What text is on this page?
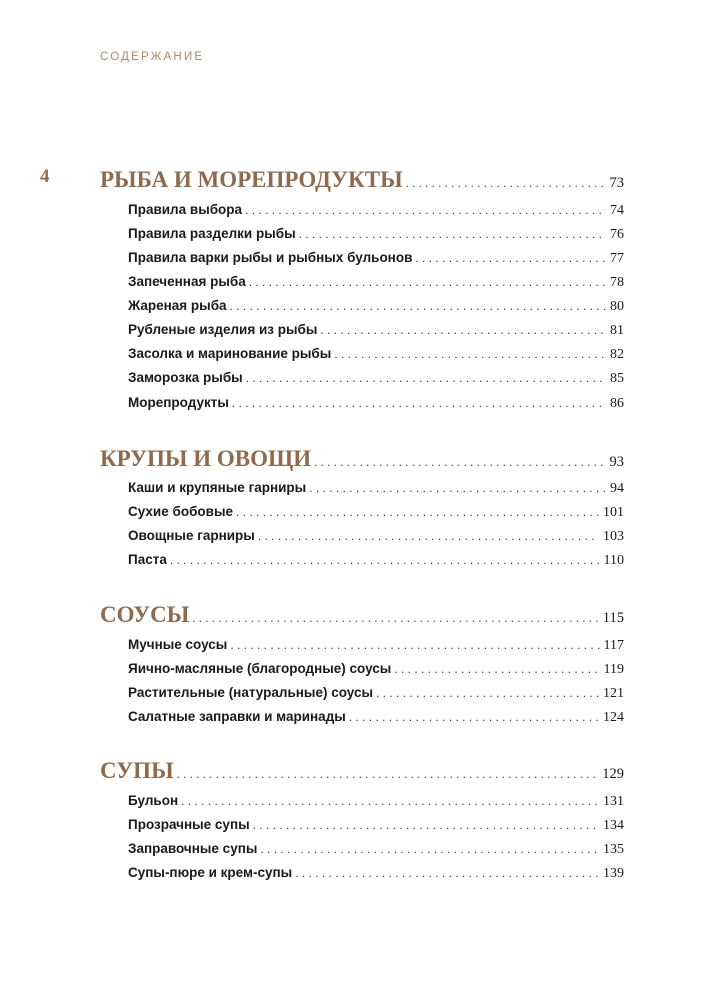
СОДЕРЖАНИЕ
4 РЫБА И МОРЕПРОДУКТЫ . . .	73
Правила выбора . . .	74
Правила разделки рыбы . . .	76
Правила варки рыбы и рыбных бульонов . . .	77
Запеченная рыба . . .	78
Жареная рыба . . .	80
Рубленые изделия из рыбы . . .	81
Засолка и маринование рыбы . . .	82
Заморозка рыбы . . .	85
Морепродукты . . .	86
КРУПЫ И ОВОЩИ . . .	93
Каши и крупяные гарниры . . .	94
Сухие бобовые . . .	101
Овощные гарниры . . .	103
Паста . . .	110
СОУСЫ . . .	115
Мучные соусы . . .	117
Яично-масляные (благородные) соусы . . .	119
Растительные (натуральные) соусы . . .	121
Салатные заправки и маринады . . .	124
СУПЫ . . .	129
Бульон . . .	131
Прозрачные супы . . .	134
Заправочные супы . . .	135
Супы-пюре и крем-супы . . .	139
